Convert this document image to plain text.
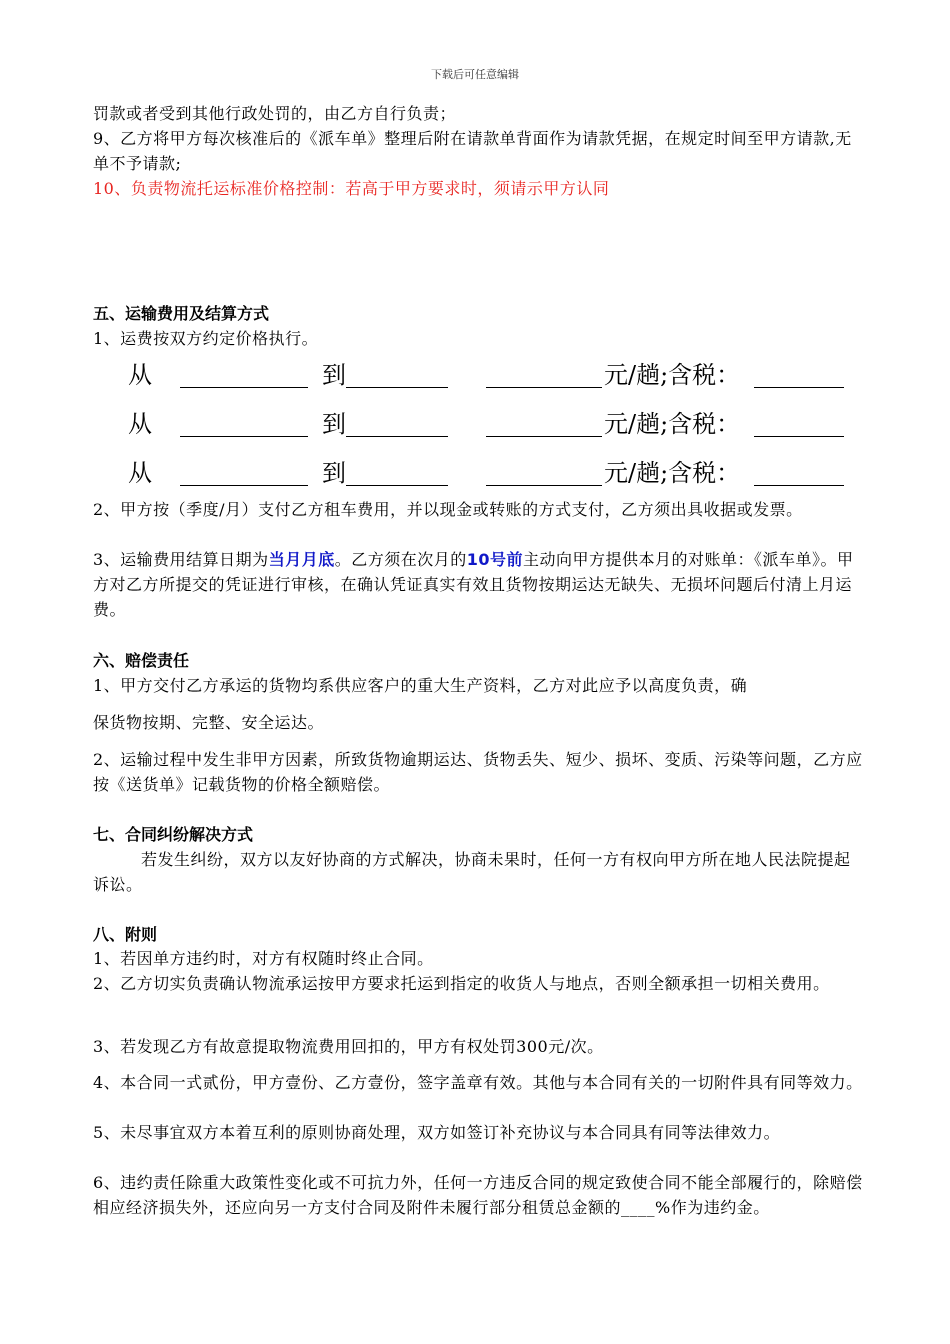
下载后可任意编辑

罚款或者受到其他行政处罚的，由乙方自行负责；

9、乙方将甲方每次核准后的《派车单》整理后附在请款单背面作为请款凭据，在规定时间至甲方请款,无单不予请款;

10、负责物流托运标准价格控制：若高于甲方要求时，须请示甲方认同

五、运输费用及结算方式

1、运费按双方约定价格执行。

从	到	元/趟;含税：
从	到	元/趟;含税：
从	到	元/趟;含税：

2、甲方按（季度/月）支付乙方租车费用，并以现金或转账的方式支付，乙方须出具收据或发票。

3、运输费用结算日期为当月月底。乙方须在次月的10号前主动向甲方提供本月的对账单：《派车单》。甲方对乙方所提交的凭证进行审核，在确认凭证真实有效且货物按期运达无缺失、无损坏问题后付清上月运费。

六、赔偿责任

1、甲方交付乙方承运的货物均系供应客户的重大生产资料，乙方对此应予以高度负责，确

保货物按期、完整、安全运达。

2、运输过程中发生非甲方因素，所致货物逾期运达、货物丢失、短少、损坏、变质、污染等问题，乙方应按《送货单》记载货物的价格全额赔偿。

七、合同纠纷解决方式

若发生纠纷，双方以友好协商的方式解决，协商未果时，任何一方有权向甲方所在地人民法院提起诉讼。

八、附则

1、若因单方违约时，对方有权随时终止合同。

2、乙方切实负责确认物流承运按甲方要求托运到指定的收货人与地点，否则全额承担一切相关费用。

3、若发现乙方有故意提取物流费用回扣的，甲方有权处罚300元/次。

4、本合同一式贰份，甲方壹份、乙方壹份，签字盖章有效。其他与本合同有关的一切附件具有同等效力。

5、未尽事宜双方本着互利的原则协商处理，双方如签订补充协议与本合同具有同等法律效力。

6、违约责任除重大政策性变化或不可抗力外，任何一方违反合同的规定致使合同不能全部履行的，除赔偿相应经济损失外，还应向另一方支付合同及附件未履行部分租赁总金额的____%作为违约金。
